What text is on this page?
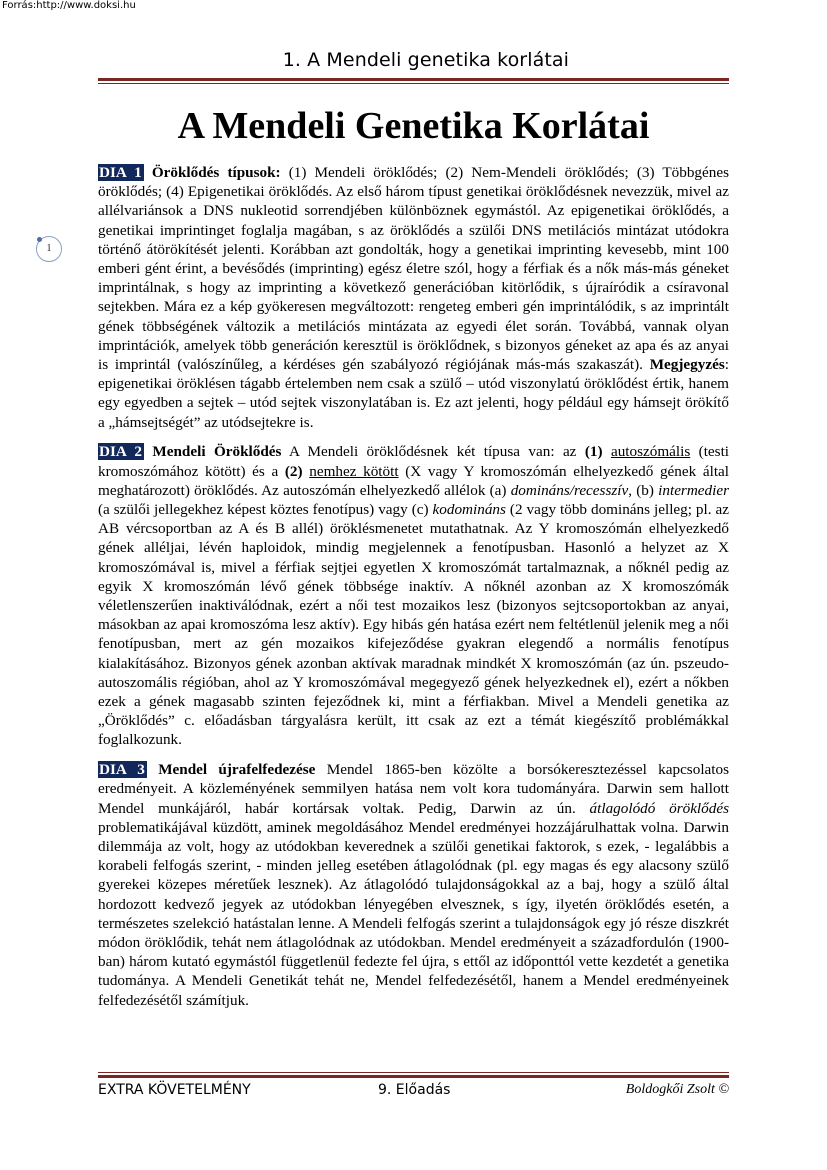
Forrás:http://www.doksi.hu
1. A Mendeli genetika korlátai
A Mendeli Genetika Korlátai
1

DIA 1 Öröklődés típusok: (1) Mendeli öröklődés; (2) Nem-Mendeli öröklődés; (3) Többgénes öröklődés; (4) Epigenetikai öröklődés. Az első három típust genetikai öröklődésnek nevezzük, mivel az allélvariánsok a DNS nukleotid sorrendjében különböznek egymástól. Az epigenetikai öröklődés, a genetikai imprintinget foglalja magában, s az öröklődés a szülői DNS metilációs mintázat utódokra történő átörökítését jelenti. Korábban azt gondolták, hogy a genetikai imprinting kevesebb, mint 100 emberi gént érint, a bevésődés (imprinting) egész életre szól, hogy a férfiak és a nők más-más géneket imprintálnak, s hogy az imprinting a következő generációban kitörlődik, s újraíródik a csíravonal sejtekben. Mára ez a kép gyökeresen megváltozott: rengeteg emberi gén imprintálódik, s az imprintált gének többségének változik a metilációs mintázata az egyedi élet során. Továbbá, vannak olyan imprintációk, amelyek több generáción keresztül is öröklődnek, s bizonyos géneket az apa és az anyai is imprintál (valószínűleg, a kérdéses gén szabályozó régiójának más-más szakaszát). Megjegyzés: epigenetikai öröklésen tágabb értelemben nem csak a szülő – utód viszonylatú öröklődést értik, hanem egy egyedben a sejtek – utód sejtek viszonylatában is. Ez azt jelenti, hogy például egy hámsejt örökítő a „hámsejtségét” az utódsejtekre is.

DIA 2 Mendeli Öröklődés A Mendeli öröklődésnek két típusa van: az (1) autoszómális (testi kromoszómához kötött) és a (2) nemhez kötött (X vagy Y kromoszómán elhelyezkedő gének által meghatározott) öröklődés. Az autoszómán elhelyezkedő allélok (a) domináns/recesszív, (b) intermedier (a szülői jellegekhez képest köztes fenotípus) vagy (c) kodomináns (2 vagy több domináns jelleg; pl. az AB vércsoportban az A és B allél) öröklésmenetet mutathatnak. Az Y kromoszómán elhelyezkedő gének alléljai, lévén haploidok, mindig megjelennek a fenotípusban. Hasonló a helyzet az X kromoszómával is, mivel a férfiak sejtjei egyetlen X kromoszómát tartalmaznak, a nőknél pedig az egyik X kromoszómán lévő gének többsége inaktív. A nőknél azonban az X kromoszómák véletlenszerűen inaktiválódnak, ezért a női test mozaikos lesz (bizonyos sejtcsoportokban az anyai, másokban az apai kromoszóma lesz aktív). Egy hibás gén hatása ezért nem feltétlenül jelenik meg a női fenotípusban, mert az gén mozaikos kifejeződése gyakran elegendő a normális fenotípus kialakításához. Bizonyos gének azonban aktívak maradnak mindkét X kromoszómán (az ún. pszeudo-autoszomális régióban, ahol az Y kromoszómával megegyező gének helyezkednek el), ezért a nőkben ezek a gének magasabb szinten fejeződnek ki, mint a férfiakban. Mivel a Mendeli genetika az „Öröklődés” c. előadásban tárgyalásra került, itt csak az ezt a témát kiegészítő problémákkal foglalkozunk.

DIA 3 Mendel újrafelfedezése Mendel 1865-ben közölte a borsókeresztezéssel kapcsolatos eredményeit. A közleményének semmilyen hatása nem volt kora tudományára. Darwin sem hallott Mendel munkájáról, habár kortársak voltak. Pedig, Darwin az ún. átlagolódó öröklődés problematikájával küzdött, aminek megoldásához Mendel eredményei hozzájárulhattak volna. Darwin dilemmája az volt, hogy az utódokban keverednek a szülői genetikai faktorok, s ezek, - legalábbis a korabeli felfogás szerint, - minden jelleg esetében átlagolódnak (pl. egy magas és egy alacsony szülő gyerekei közepes méretűek lesznek). Az átlagolódó tulajdonságokkal az a baj, hogy a szülő által hordozott kedvező jegyek az utódokban lényegében elvesznek, s így, ilyetén öröklődés esetén, a természetes szelekció hatástalan lenne. A Mendeli felfogás szerint a tulajdonságok egy jó része diszkrét módon öröklődik, tehát nem átlagolódnak az utódokban. Mendel eredményeit a századfordulón (1900-ban) három kutató egymástól függetlenül fedezte fel újra, s ettől az időponttól vette kezdetét a genetika tudománya. A Mendeli Genetikát tehát ne, Mendel felfedezésétől, hanem a Mendel eredményeinek felfedezésétől számítjuk.

EXTRA KÖVETELMÉNY	9. Előadás	Boldogkői Zsolt ©
